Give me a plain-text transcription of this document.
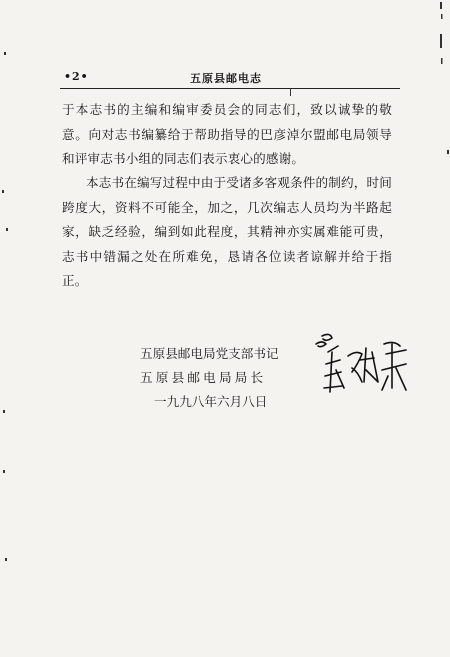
•2•	五原县邮电志

于本志书的主编和编审委员会的同志们，致以诚挚的敬意。向对志书编纂给于帮助指导的巴彦淖尔盟邮电局领导和评审志书小组的同志们表示衷心的感谢。

本志书在编写过程中由于受诸多客观条件的制约，时间跨度大，资料不可能全，加之，几次编志人员均为半路起家，缺乏经验，编到如此程度，其精神亦实属难能可贵，志书中错漏之处在所难免，恳请各位读者谅解并给于指正。

五原县邮电局党支部书记
五原县邮电局局长
一九九八年六月八日
